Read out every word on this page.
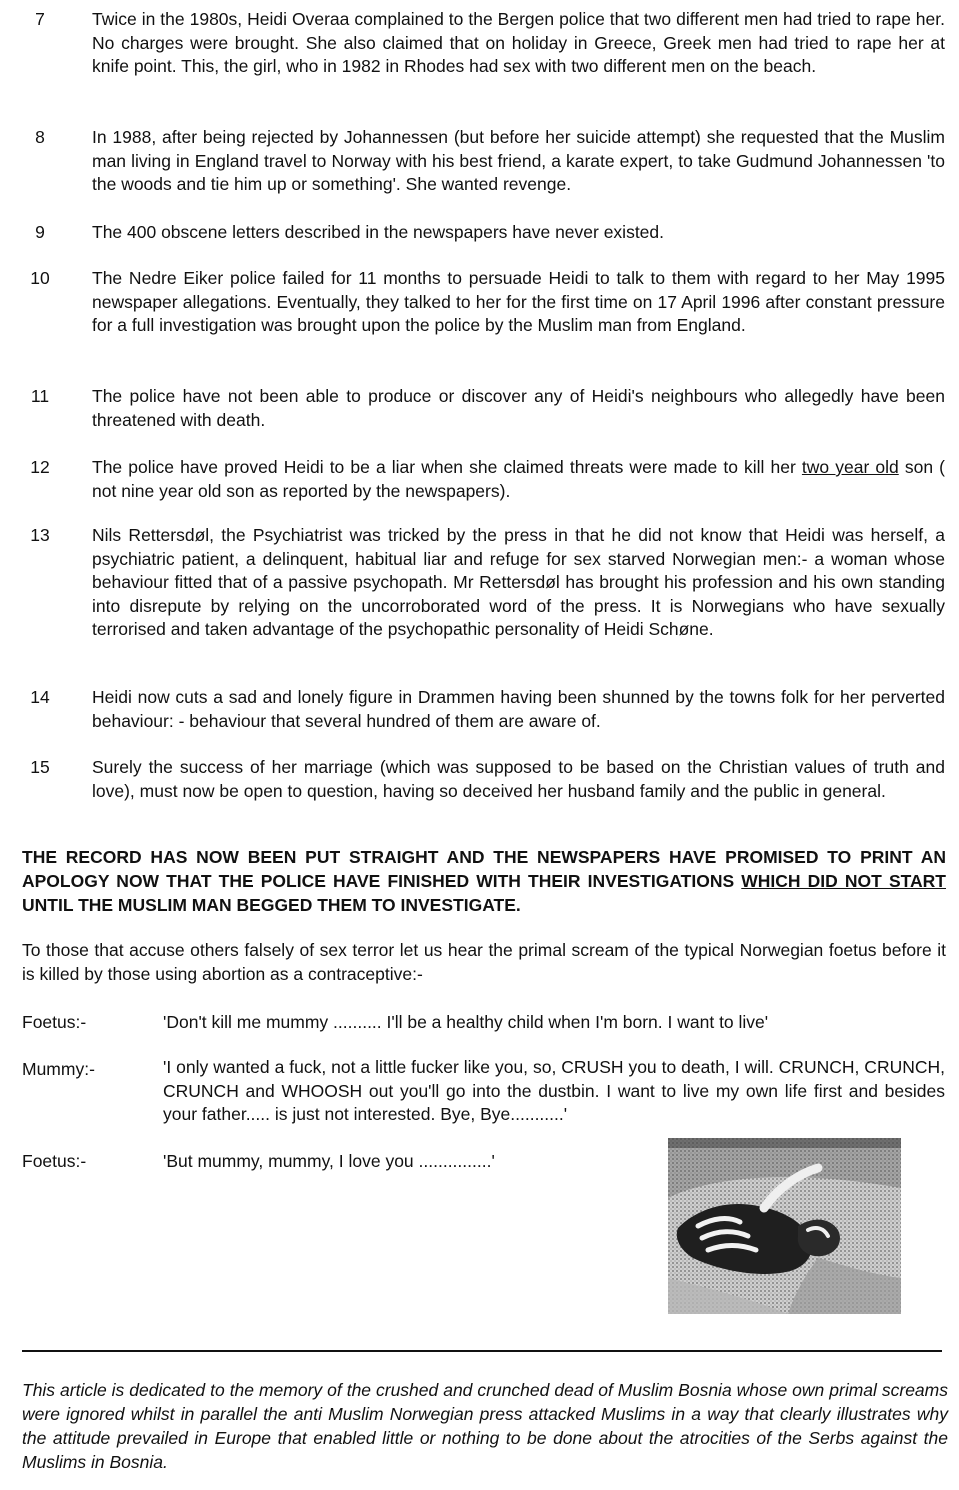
7	Twice in the 1980s, Heidi Overaa complained to the Bergen police that two different men had tried to rape her. No charges were brought. She also claimed that on holiday in Greece, Greek men had tried to rape her at knife point. This, the girl, who in 1982 in Rhodes had sex with two different men on the beach.
8	In 1988, after being rejected by Johannessen (but before her suicide attempt) she requested that the Muslim man living in England travel to Norway with his best friend, a karate expert, to take Gudmund Johannessen 'to the woods and tie him up or something'. She wanted revenge.
9	The 400 obscene letters described in the newspapers have never existed.
10	The Nedre Eiker police failed for 11 months to persuade Heidi to talk to them with regard to her May 1995 newspaper allegations. Eventually, they talked to her for the first time on 17 April 1996 after constant pressure for a full investigation was brought upon the police by the Muslim man from England.
11	The police have not been able to produce or discover any of Heidi's neighbours who allegedly have been threatened with death.
12	The police have proved Heidi to be a liar when she claimed threats were made to kill her two year old son ( not nine year old son as reported by the newspapers).
13	Nils Rettersdøl, the Psychiatrist was tricked by the press in that he did not know that Heidi was herself, a psychiatric patient, a delinquent, habitual liar and refuge for sex starved Norwegian men:- a woman whose behaviour fitted that of a passive psychopath. Mr Rettersdøl has brought his profession and his own standing into disrepute by relying on the uncorroborated word of the press. It is Norwegians who have sexually terrorised and taken advantage of the psychopathic personality of Heidi Schøne.
14	Heidi now cuts a sad and lonely figure in Drammen having been shunned by the towns folk for her perverted behaviour: - behaviour that several hundred of them are aware of.
15	Surely the success of her marriage (which was supposed to be based on the Christian values of truth and love), must now be open to question, having so deceived her husband family and the public in general.
THE RECORD HAS NOW BEEN PUT STRAIGHT AND THE NEWSPAPERS HAVE PROMISED TO PRINT AN APOLOGY NOW THAT THE POLICE HAVE FINISHED WITH THEIR INVESTIGATIONS WHICH DID NOT START UNTIL THE MUSLIM MAN BEGGED THEM TO INVESTIGATE.
To those that accuse others falsely of sex terror let us hear the primal scream of the typical Norwegian foetus before it is killed by those using abortion as a contraceptive:-
Foetus:-	'Don't kill me mummy .......... I'll be a healthy child when I'm born. I want to live'
Mummy:-	'I only wanted a fuck, not a little fucker like you, so, CRUSH you to death, I will. CRUNCH, CRUNCH, CRUNCH and WHOOSH out you'll go into the dustbin. I want to live my own life first and besides your father..... is just not interested. Bye, Bye...........'
Foetus:-	'But mummy, mummy, I love you ...............'
This article is dedicated to the memory of the crushed and crunched dead of Muslim Bosnia whose own primal screams were ignored whilst in parallel the anti Muslim Norwegian press attacked Muslims in a way that clearly illustrates why the attitude prevailed in Europe that enabled little or nothing to be done about the atrocities of the Serbs against the Muslims in Bosnia.
